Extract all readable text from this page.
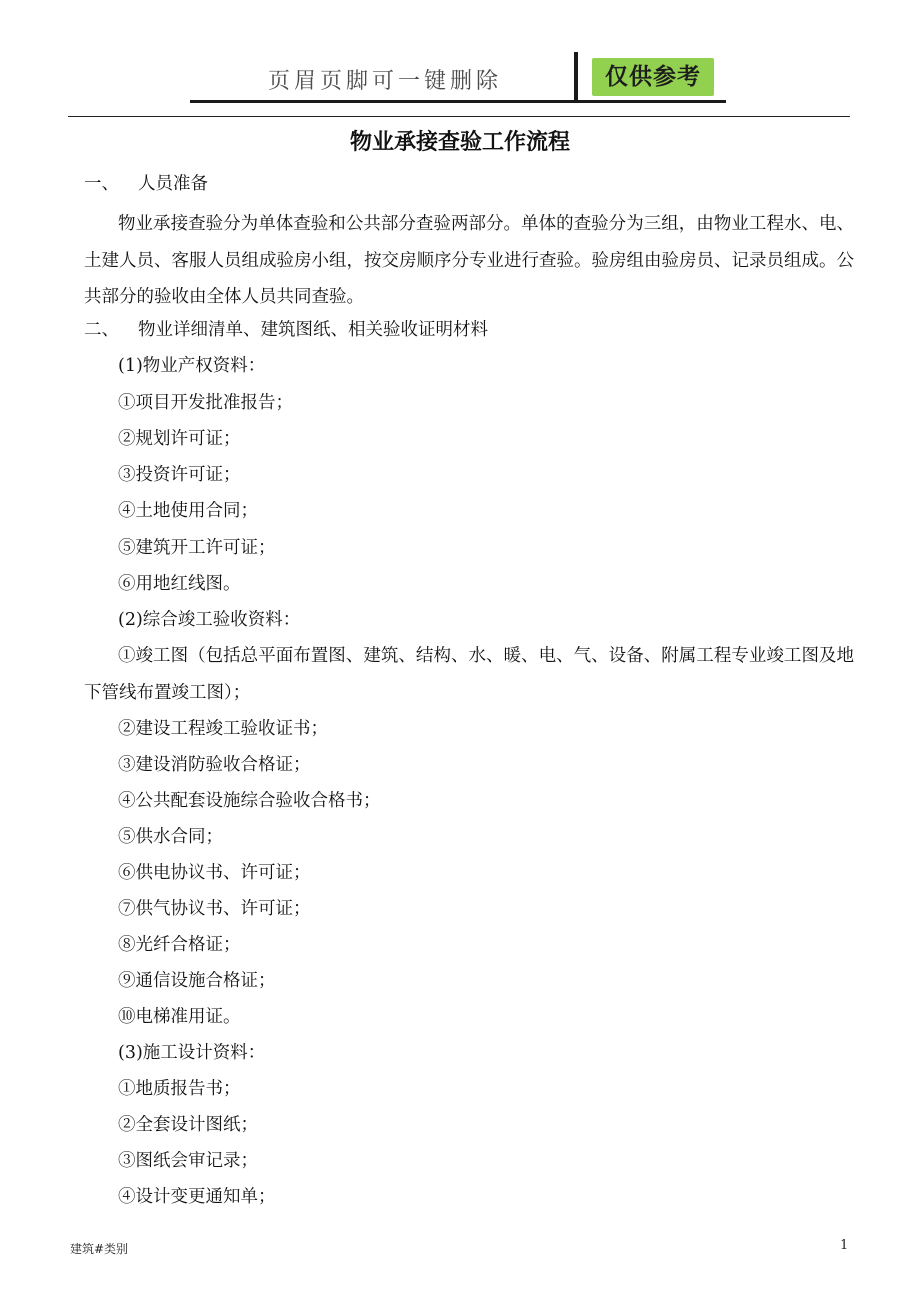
页眉页脚可一键删除	仅供参考
物业承接查验工作流程
一、 人员准备

物业承接查验分为单体查验和公共部分查验两部分。单体的查验分为三组，由物业工程水、电、土建人员、客服人员组成验房小组，按交房顺序分专业进行查验。验房组由验房员、记录员组成。公共部分的验收由全体人员共同查验。

二、 物业详细清单、建筑图纸、相关验收证明材料
(1)物业产权资料：
①项目开发批准报告；
②规划许可证；
③投资许可证；
④土地使用合同；
⑤建筑开工许可证；
⑥用地红线图。
(2)综合竣工验收资料：

①竣工图（包括总平面布置图、建筑、结构、水、暖、电、气、设备、附属工程专业竣工图及地下管线布置竣工图）；

②建设工程竣工验收证书；
③建设消防验收合格证；
④公共配套设施综合验收合格书；
⑤供水合同；
⑥供电协议书、许可证；
⑦供气协议书、许可证；
⑧光纤合格证；
⑨通信设施合格证；
⑩电梯准用证。
(3)施工设计资料：
①地质报告书；
②全套设计图纸；
③图纸会审记录；
④设计变更通知单；
建筑#类别	1
